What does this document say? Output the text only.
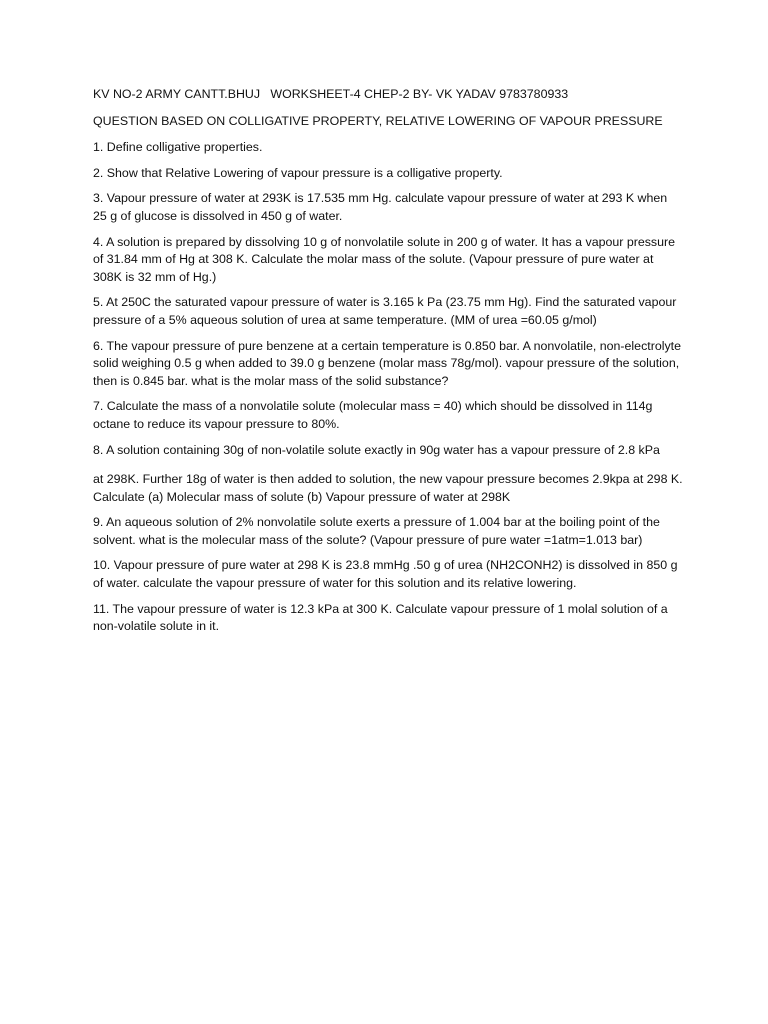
KV NO-2 ARMY CANTT.BHUJ   WORKSHEET-4 CHEP-2 BY- VK YADAV 9783780933

QUESTION BASED ON COLLIGATIVE PROPERTY, RELATIVE LOWERING OF VAPOUR PRESSURE

1. Define colligative properties.

2. Show that Relative Lowering of vapour pressure is a colligative property.

3. Vapour pressure of water at 293K is 17.535 mm Hg. calculate vapour pressure of water at 293 K when 25 g of glucose is dissolved in 450 g of water.

4. A solution is prepared by dissolving 10 g of nonvolatile solute in 200 g of water. It has a vapour pressure of 31.84 mm of Hg at 308 K. Calculate the molar mass of the solute. (Vapour pressure of pure water at 308K is 32 mm of Hg.)

5. At 250C the saturated vapour pressure of water is 3.165 k Pa (23.75 mm Hg). Find the saturated vapour pressure of a 5% aqueous solution of urea at same temperature. (MM of urea =60.05 g/mol)

6. The vapour pressure of pure benzene at a certain temperature is 0.850 bar. A nonvolatile, non-electrolyte solid weighing 0.5 g when added to 39.0 g benzene (molar mass 78g/mol). vapour pressure of the solution, then is 0.845 bar. what is the molar mass of the solid substance?

7. Calculate the mass of a nonvolatile solute (molecular mass = 40) which should be dissolved in 114g octane to reduce its vapour pressure to 80%.

8. A solution containing 30g of non-volatile solute exactly in 90g water has a vapour pressure of 2.8 kPa

at 298K. Further 18g of water is then added to solution, the new vapour pressure becomes 2.9kpa at 298 K. Calculate (a) Molecular mass of solute (b) Vapour pressure of water at 298K

9. An aqueous solution of 2% nonvolatile solute exerts a pressure of 1.004 bar at the boiling point of the solvent. what is the molecular mass of the solute? (Vapour pressure of pure water =1atm=1.013 bar)

10. Vapour pressure of pure water at 298 K is 23.8 mmHg .50 g of urea (NH2CONH2) is dissolved in 850 g of water. calculate the vapour pressure of water for this solution and its relative lowering.

11. The vapour pressure of water is 12.3 kPa at 300 K. Calculate vapour pressure of 1 molal solution of a non-volatile solute in it.
